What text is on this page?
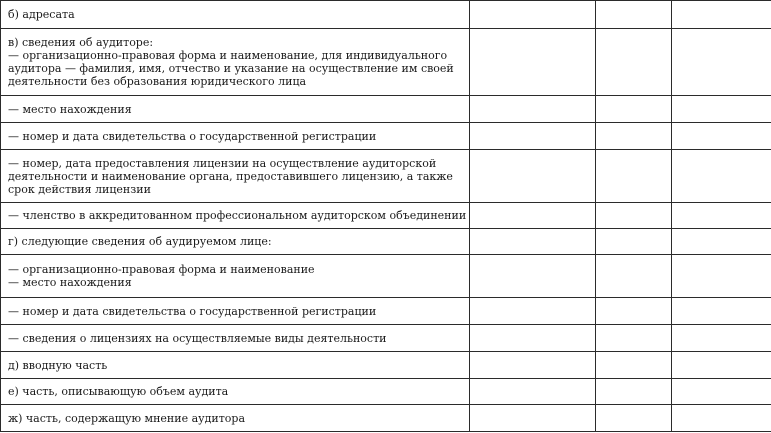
б) адресата			

в) сведения об аудиторе:
— организационно-правовая форма и наименование, для индивидуального
аудитора — фамилия, имя, отчество и указание на осуществление им своей
деятельности без образования юридического лица			

— место нахождения			

— номер и дата свидетельства о государственной регистрации			

— номер, дата предоставления лицензии на осуществление аудиторской
деятельности и наименование органа, предоставившего лицензию, а также
срок действия лицензии			

— членство в аккредитованном профессиональном аудиторском объединении			

г) следующие сведения об аудируемом лице:			

— организационно-правовая форма и наименование
— место нахождения			

— номер и дата свидетельства о государственной регистрации			

— сведения о лицензиях на осуществляемые виды деятельности			

д) вводную часть			

е) часть, описывающую объем аудита			

ж) часть, содержащую мнение аудитора			
